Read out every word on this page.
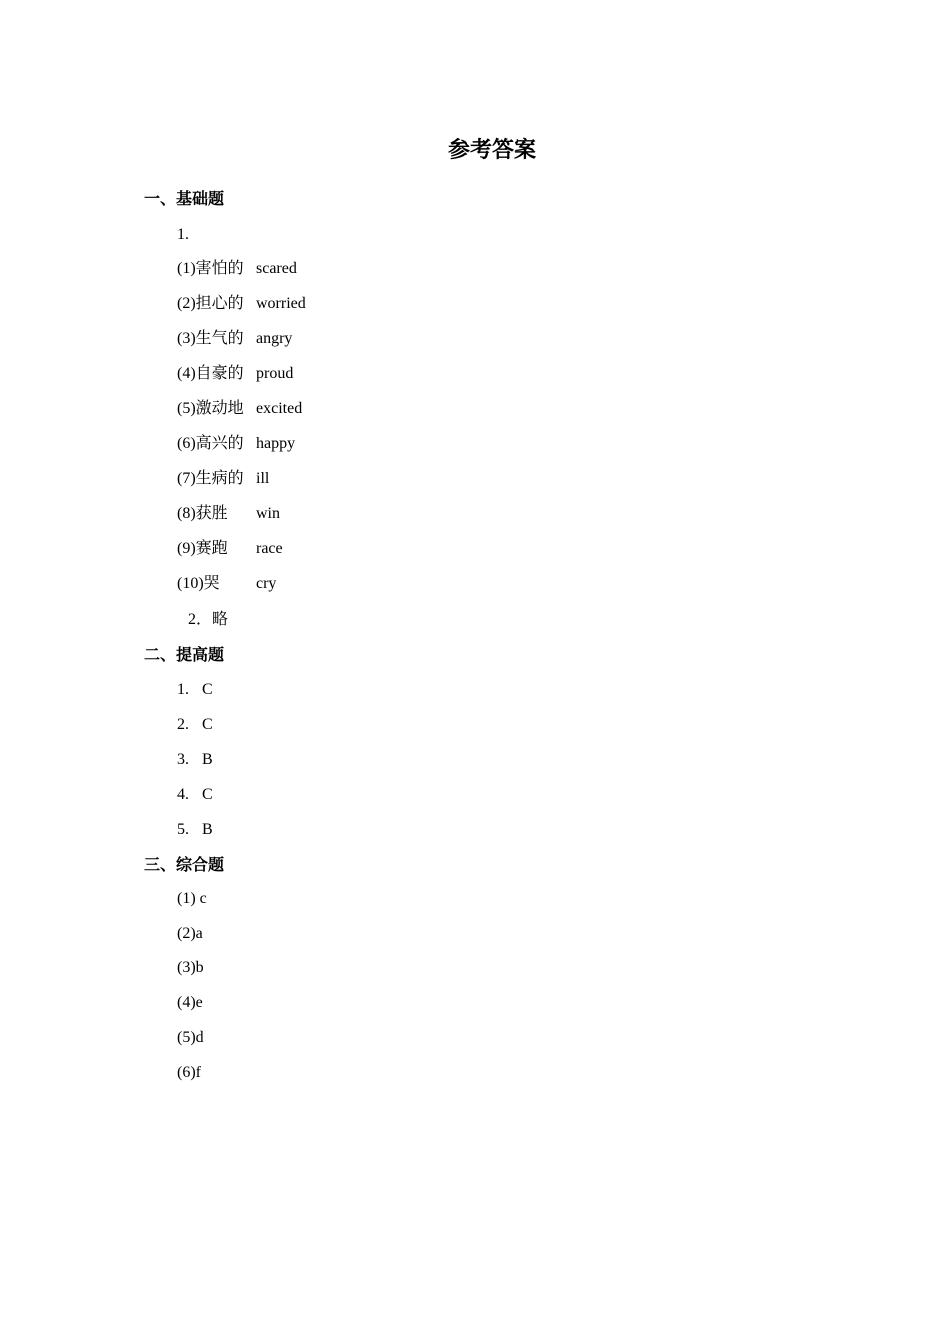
参考答案
一、基础题
1.
(1)害怕的 scared
(2)担心的 worried
(3)生气的 angry
(4)自豪的 proud
(5)激动地 excited
(6)高兴的 happy
(7)生病的 ill
(8)获胜 win
(9)赛跑 race
(10)哭 cry
2．略
二、提高题
1. C
2. C
3. B
4. C
5. B
三、综合题
(1) c
(2)a
(3)b
(4)e
(5)d
(6)f
